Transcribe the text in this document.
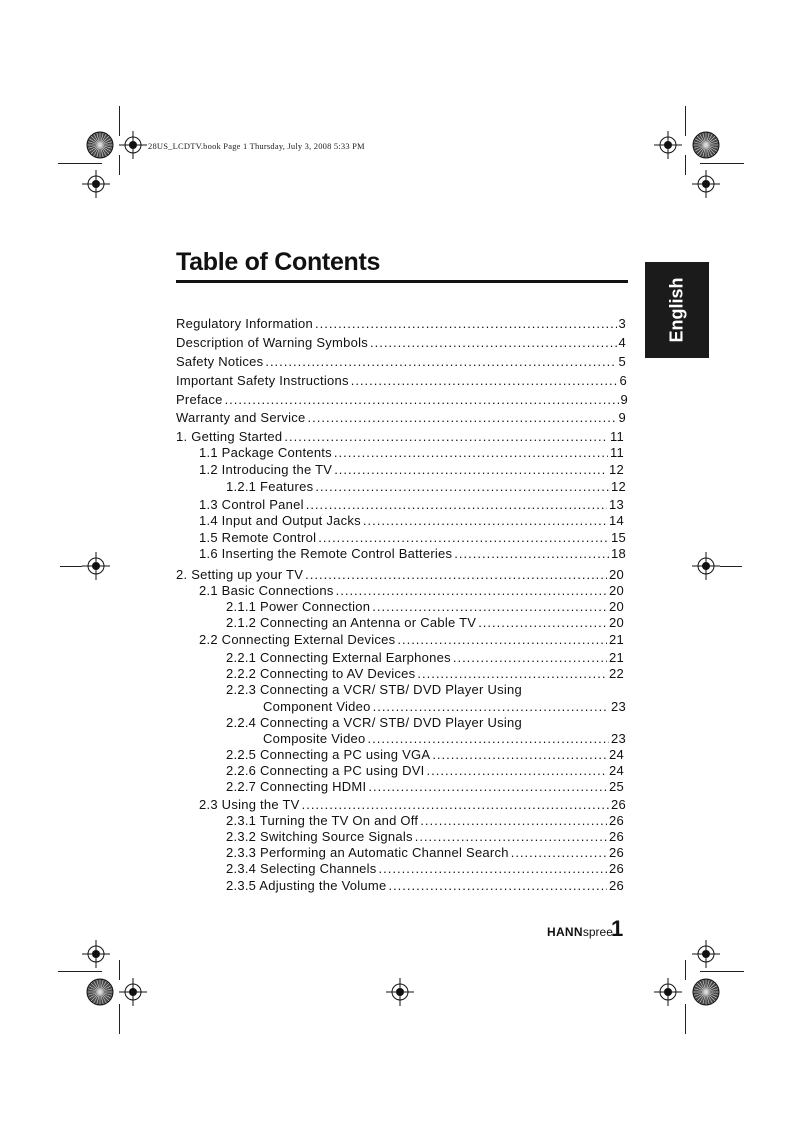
28US_LCDTV.book Page 1 Thursday, July 3, 2008 5:33 PM
English
Table of Contents
Regulatory Information .....	3
Description of Warning Symbols .....	4
Safety Notices .....	5
Important Safety Instructions .....	6
Preface .....	9
Warranty and Service .....	9
1. Getting Started .....	11
1.1 Package Contents .....	11
1.2 Introducing the TV .....	12
1.2.1 Features .....	12
1.3 Control Panel .....	13
1.4 Input and Output Jacks .....	14
1.5 Remote Control .....	15
1.6 Inserting the Remote Control Batteries .....	18
2. Setting up your TV .....	20
2.1 Basic Connections .....	20
2.1.1 Power Connection .....	20
2.1.2 Connecting an Antenna or Cable TV .....	20
2.2 Connecting External Devices .....	21
2.2.1 Connecting External Earphones .....	21
2.2.2 Connecting to AV Devices .....	22
2.2.3 Connecting a VCR/ STB/ DVD Player Using
Component Video .....	23
2.2.4 Connecting a VCR/ STB/ DVD Player Using
Composite Video .....	23
2.2.5 Connecting a PC using VGA .....	24
2.2.6 Connecting a PC using DVI .....	24
2.2.7 Connecting HDMI .....	25
2.3 Using the TV .....	26
2.3.1 Turning the TV On and Off .....	26
2.3.2 Switching Source Signals .....	26
2.3.3 Performing an Automatic Channel Search .....	26
2.3.4 Selecting Channels .....	26
2.3.5 Adjusting the Volume .....	26
HANNspree
1
